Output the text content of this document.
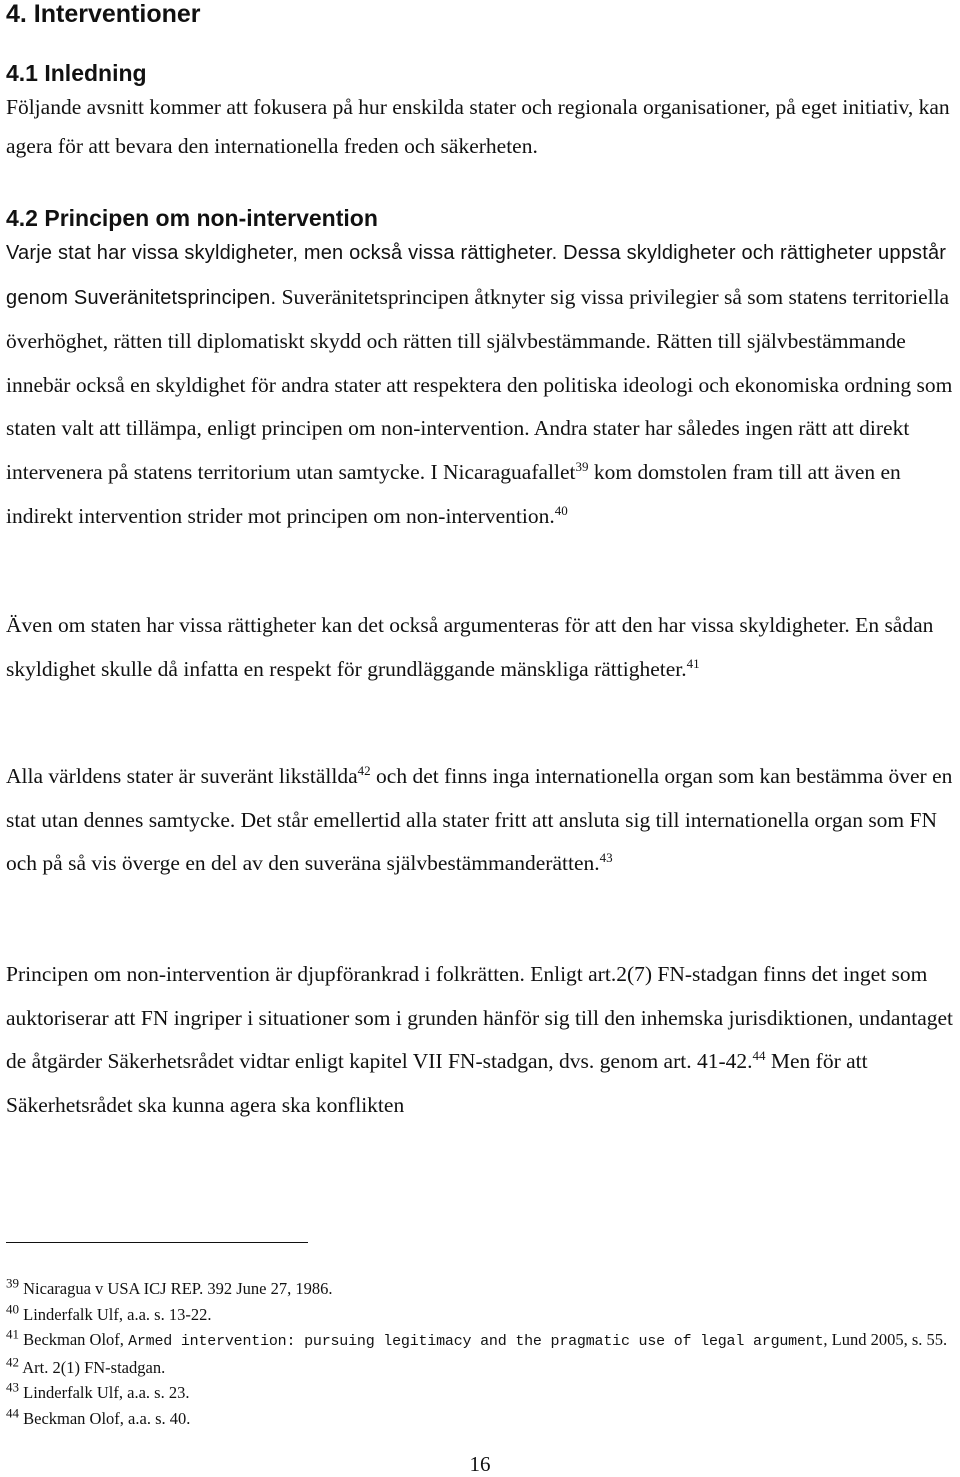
4. Interventioner
4.1 Inledning

Följande avsnitt kommer att fokusera på hur enskilda stater och regionala organisationer, på eget initiativ, kan agera för att bevara den internationella freden och säkerheten.

4.2 Principen om non-intervention

Varje stat har vissa skyldigheter, men också vissa rättigheter. Dessa skyldigheter och rättigheter uppstår genom Suveränitetsprincipen. Suveränitetsprincipen åtknyter sig vissa privilegier så som statens territoriella överhöghet, rätten till diplomatiskt skydd och rätten till självbestämmande. Rätten till självbestämmande innebär också en skyldighet för andra stater att respektera den politiska ideologi och ekonomiska ordning som staten valt att tillämpa, enligt principen om non-intervention. Andra stater har således ingen rätt att direkt intervenera på statens territorium utan samtycke. I Nicaraguafallet$^{39}$ kom domstolen fram till att även en indirekt intervention strider mot principen om non-intervention.$^{40}$

Även om staten har vissa rättigheter kan det också argumenteras för att den har vissa skyldigheter. En sådan skyldighet skulle då infatta en respekt för grundläggande mänskliga rättigheter.$^{41}$

Alla världens stater är suveränt likställda$^{42}$ och det finns inga internationella organ som kan bestämma över en stat utan dennes samtycke. Det står emellertid alla stater fritt att ansluta sig till internationella organ som FN och på så vis överge en del av den suveräna självbestämmanderätten.$^{43}$

Principen om non-intervention är djupförankrad i folkrätten. Enligt art.2(7) FN-stadgan finns det inget som auktoriserar att FN ingriper i situationer som i grunden hänför sig till den inhemska jurisdiktionen, undantaget de åtgärder Säkerhetsrådet vidtar enligt kapitel VII FN-stadgan, dvs. genom art. 41-42.44 Men för att Säkerhetsrådet ska kunna agera ska konflikten

$^{39}$ Nicaragua v USA ICJ REP. 392 June 27, 1986.
$^{40}$ Linderfalk Ulf, a.a. s. 13-22.
$^{41}$ Beckman Olof, Armed intervention: pursuing legitimacy and the pragmatic use of legal argument, Lund 2005, s. 55.
$^{42}$ Art. 2(1) FN-stadgan.
$^{43}$ Linderfalk Ulf, a.a. s. 23.
$^{44}$ Beckman Olof, a.a. s. 40.
16
